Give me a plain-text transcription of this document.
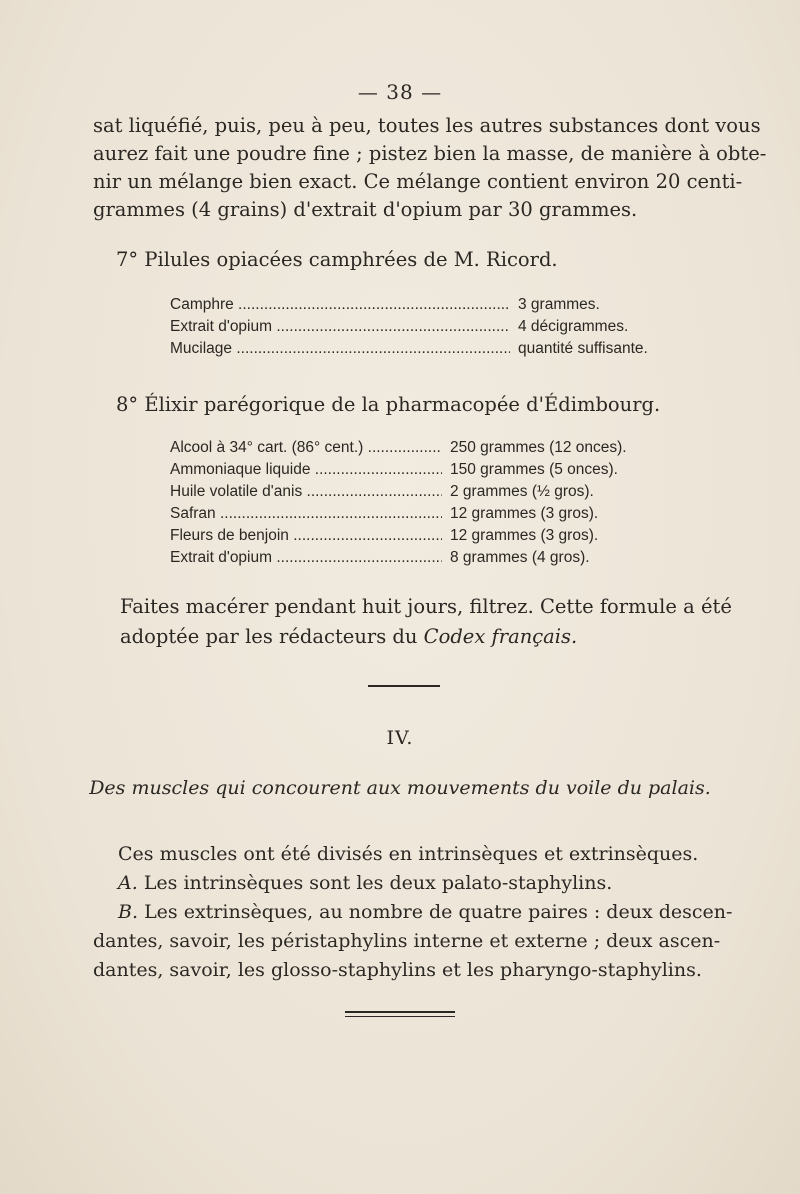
— 38 —
sat liquéfié, puis, peu à peu, toutes les autres substances dont vous
aurez fait une poudre fine ; pistez bien la masse, de manière à obte-
nir un mélange bien exact. Ce mélange contient environ 20 centi-
grammes (4 grains) d'extrait d'opium par 30 grammes.
7° Pilules opiacées camphrées de M. Ricord.
Camphre .....	3 grammes.
Extrait d'opium .....	4 décigrammes.
Mucilage .....	quantité suffisante.
8° Élixir parégorique de la pharmacopée d'Édimbourg.
Alcool à 34° cart. (86° cent.) .....	250 grammes (12 onces).
Ammoniaque liquide .....	150 grammes (5 onces).
Huile volatile d'anis .....	2 grammes (½ gros).
Safran .....	12 grammes (3 gros).
Fleurs de benjoin .....	12 grammes (3 gros).
Extrait d'opium .....	8 grammes (4 gros).
Faites macérer pendant huit jours, filtrez. Cette formule a été
adoptée par les rédacteurs du Codex français.
IV.
Des muscles qui concourent aux mouvements du voile du palais.
Ces muscles ont été divisés en intrinsèques et extrinsèques.
A. Les intrinsèques sont les deux palato-staphylins.
B. Les extrinsèques, au nombre de quatre paires : deux descen-
dantes, savoir, les péristaphylins interne et externe ; deux ascen-
dantes, savoir, les glosso-staphylins et les pharyngo-staphylins.
